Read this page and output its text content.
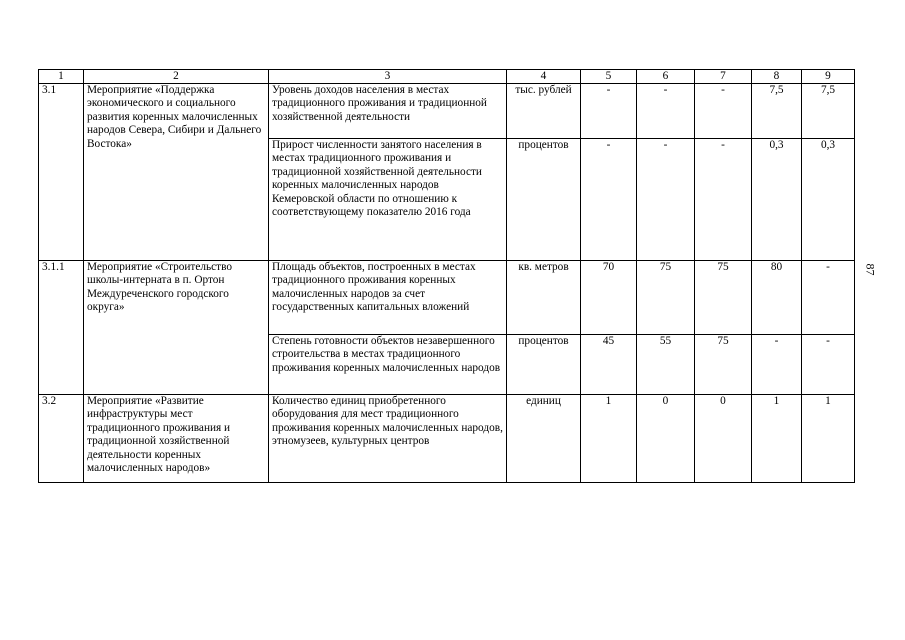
1	2	3	4	5	6	7	8	9
3.1	Мероприятие «Поддержка экономического и социального развития коренных малочисленных народов Севера, Сибири и Дальнего Востока»	Уровень доходов населения в местах традиционного проживания и традиционной хозяйственной деятельности	тыс. рублей	-	-	-	7,5	7,5
		Прирост численности занятого населения в местах традиционного проживания и традиционной хозяйственной деятельности коренных малочисленных народов Кемеровской области по отношению к соответствующему показателю 2016 года	процентов	-	-	-	0,3	0,3
3.1.1	Мероприятие «Строительство школы-интерната в п. Ортон Междуреченского городского округа»	Площадь объектов, построенных в местах традиционного проживания коренных малочисленных народов за счет государственных капитальных вложений	кв. метров	70	75	75	80	-
		Степень готовности объектов незавершенного строительства в местах традиционного проживания коренных малочисленных народов	процентов	45	55	75	-	-
3.2	Мероприятие «Развитие инфраструктуры мест традиционного проживания и традиционной хозяйственной деятельности коренных малочисленных народов»	Количество единиц приобретенного оборудования для мест традиционного проживания коренных малочисленных народов, этномузеев, культурных центров	единиц	1	0	0	1	1
87
